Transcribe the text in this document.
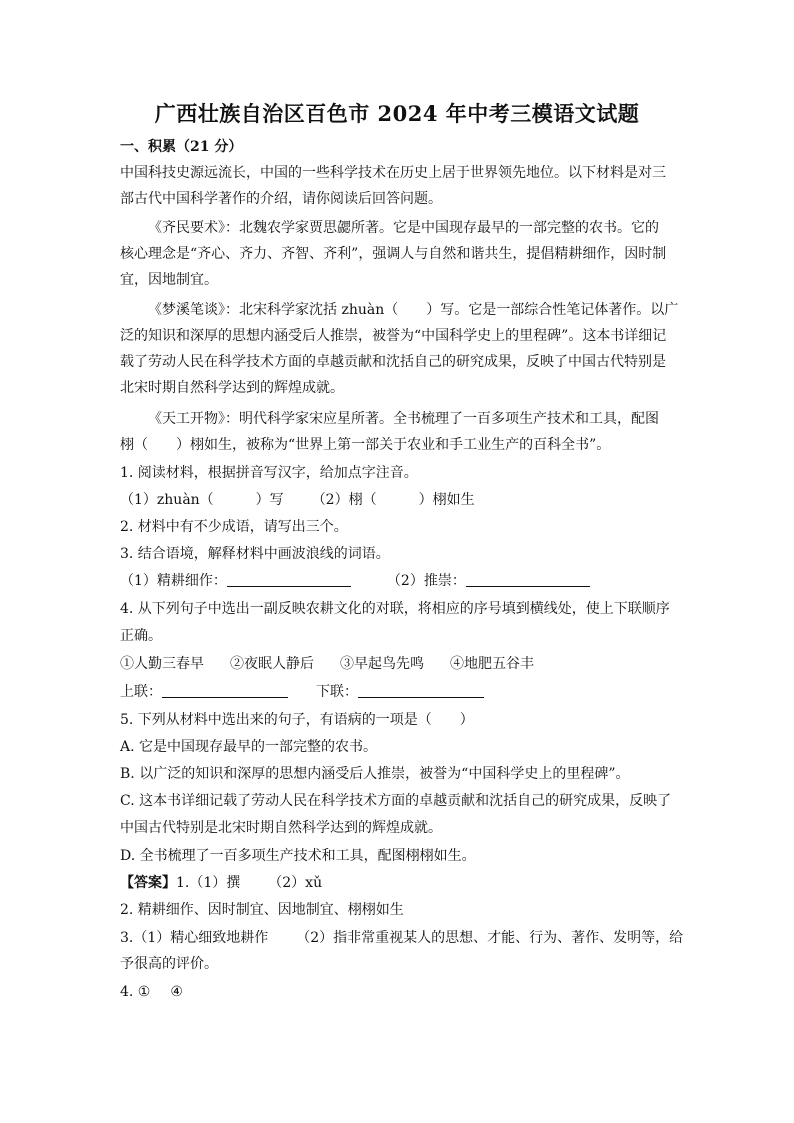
广西壮族自治区百色市 2024 年中考三模语文试题
一、积累（21 分）
中国科技史源远流长，中国的一些科学技术在历史上居于世界领先地位。以下材料是对三
部古代中国科学著作的介绍，请你阅读后回答问题。
《齐民要术》：北魏农学家贾思勰所著。它是中国现存最早的一部完整的农书。它的
核心理念是“齐心、齐力、齐智、齐利”，强调人与自然和谐共生，提倡精耕细作，因时制
宜，因地制宜。
《梦溪笔谈》：北宋科学家沈括 zhuàn（　　）写。它是一部综合性笔记体著作。以广
泛的知识和深厚的思想内涵受后人推崇，被誉为“中国科学史上的里程碑”。这本书详细记
载了劳动人民在科学技术方面的卓越贡献和沈括自己的研究成果，反映了中国古代特别是
北宋时期自然科学达到的辉煌成就。
《天工开物》：明代科学家宋应星所著。全书梳理了一百多项生产技术和工具，配图
栩（　　）栩如生，被称为“世界上第一部关于农业和手工业生产的百科全书”。
1. 阅读材料，根据拼音写汉字，给加点字注音。
（1）zhuàn（　　　）写 （2）栩（　　　）栩如生
2. 材料中有不少成语，请写出三个。
3. 结合语境，解释材料中画波浪线的词语。
（1）精耕细作：	（2）推崇：
4. 从下列句子中选出一副反映农耕文化的对联，将相应的序号填到横线处，使上下联顺序
正确。
①人勤三春早 ②夜眠人静后 ③早起鸟先鸣 ④地肥五谷丰
上联：	下联：
5. 下列从材料中选出来的句子，有语病的一项是（　　）
A. 它是中国现存最早的一部完整的农书。
B. 以广泛的知识和深厚的思想内涵受后人推崇，被誉为“中国科学史上的里程碑”。
C. 这本书详细记载了劳动人民在科学技术方面的卓越贡献和沈括自己的研究成果，反映了
中国古代特别是北宋时期自然科学达到的辉煌成就。
D. 全书梳理了一百多项生产技术和工具，配图栩栩如生。
【答案】1.（1）撰 （2）xǔ
2. 精耕细作、因时制宜、因地制宜、栩栩如生
3.（1）精心细致地耕作 （2）指非常重视某人的思想、才能、行为、著作、发明等，给
予很高的评价。
4. ① ④
